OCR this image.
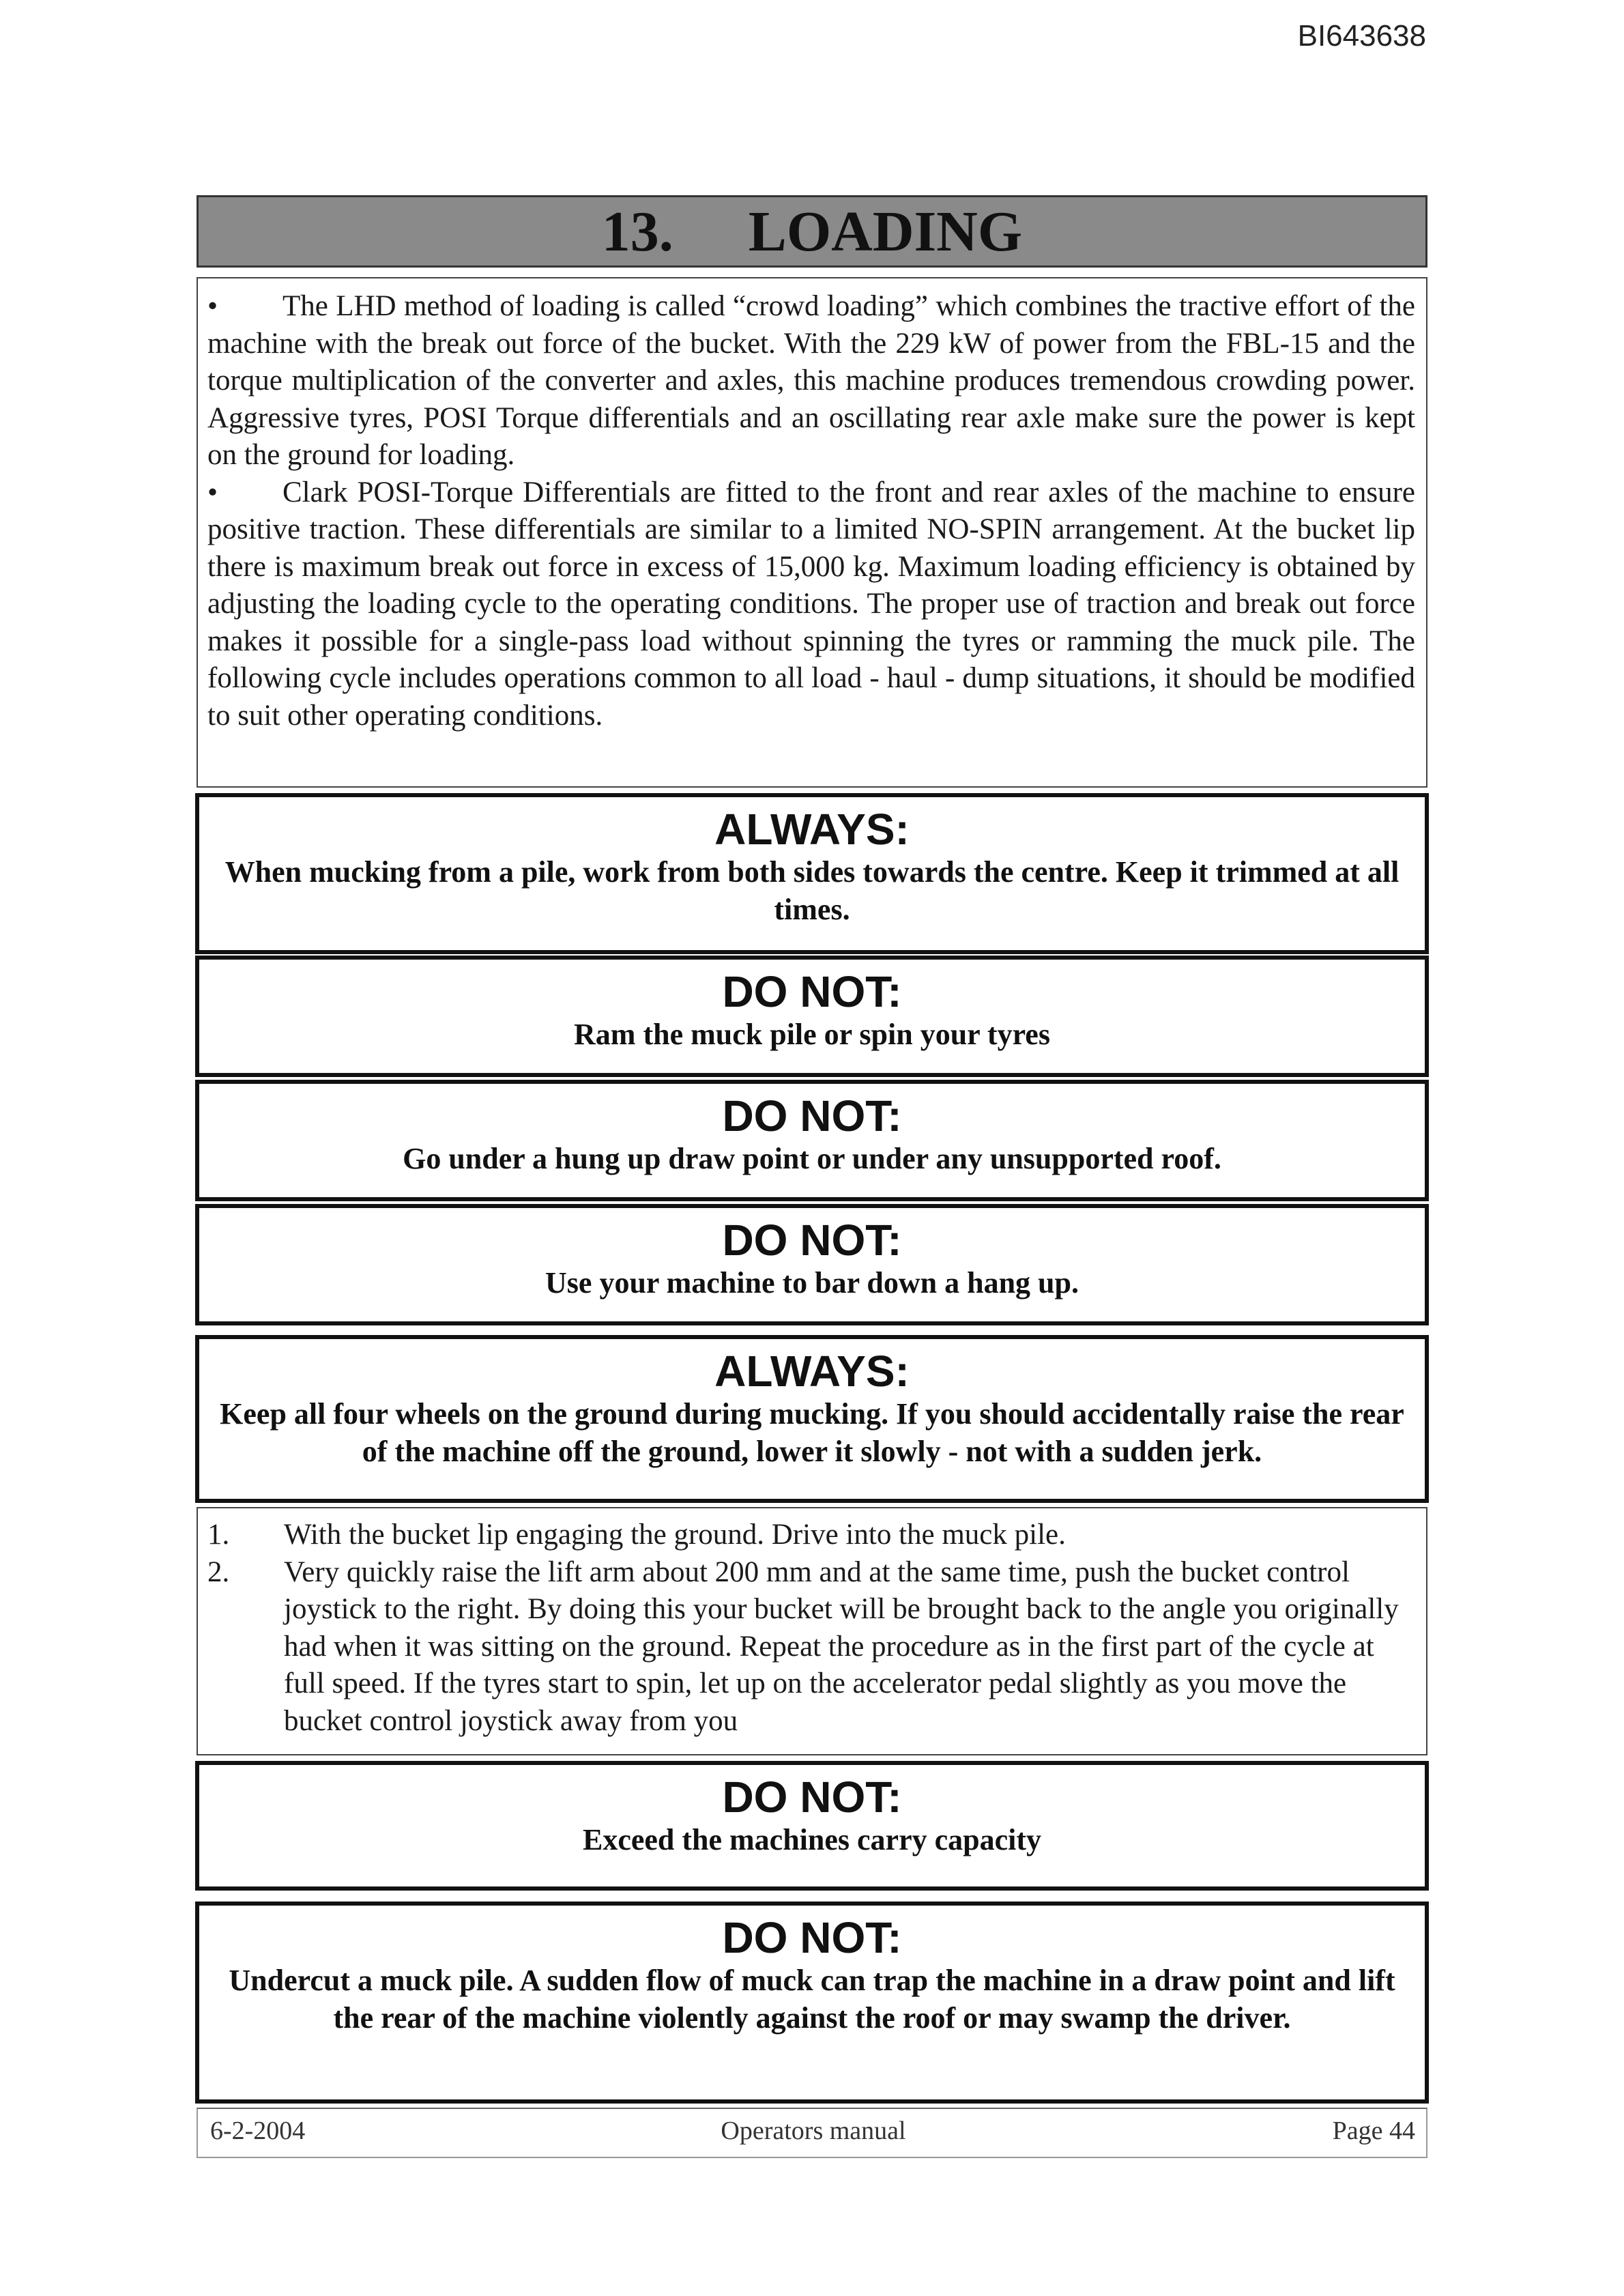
BI643638
13. LOADING

• The LHD method of loading is called “crowd loading” which combines the tractive effort of the machine with the break out force of the bucket. With the 229 kW of power from the FBL-15 and the torque multiplication of the converter and axles, this machine produces tremendous crowding power. Aggressive tyres, POSI Torque differentials and an oscillating rear axle make sure the power is kept on the ground for loading.

• Clark POSI-Torque Differentials are fitted to the front and rear axles of the machine to ensure positive traction. These differentials are similar to a limited NO-SPIN arrangement. At the bucket lip there is maximum break out force in excess of 15,000 kg. Maximum loading efficiency is obtained by adjusting the loading cycle to the operating conditions. The proper use of traction and break out force makes it possible for a single-pass load without spinning the tyres or ramming the muck pile. The following cycle includes operations common to all load - haul - dump situations, it should be modified to suit other operating conditions.

ALWAYS:
When mucking from a pile, work from both sides towards the centre. Keep it trimmed at all times.
DO NOT:
Ram the muck pile or spin your tyres
DO NOT:
Go under a hung up draw point or under any unsupported roof.
DO NOT:
Use your machine to bar down a hang up.
ALWAYS:
Keep all four wheels on the ground during mucking. If you should accidentally raise the rear of the machine off the ground, lower it slowly - not with a sudden jerk.
1.	With the bucket lip engaging the ground. Drive into the muck pile.
2.	Very quickly raise the lift arm about 200 mm and at the same time, push the bucket control joystick to the right. By doing this your bucket will be brought back to the angle you originally had when it was sitting on the ground. Repeat the procedure as in the first part of the cycle at full speed. If the tyres start to spin, let up on the accelerator pedal slightly as you move the bucket control joystick away from you
DO NOT:
Exceed the machines carry capacity
DO NOT:
Undercut a muck pile. A sudden flow of muck can trap the machine in a draw point and lift the rear of the machine violently against the roof or may swamp the driver.
6-2-2004	Operators manual	Page 44
